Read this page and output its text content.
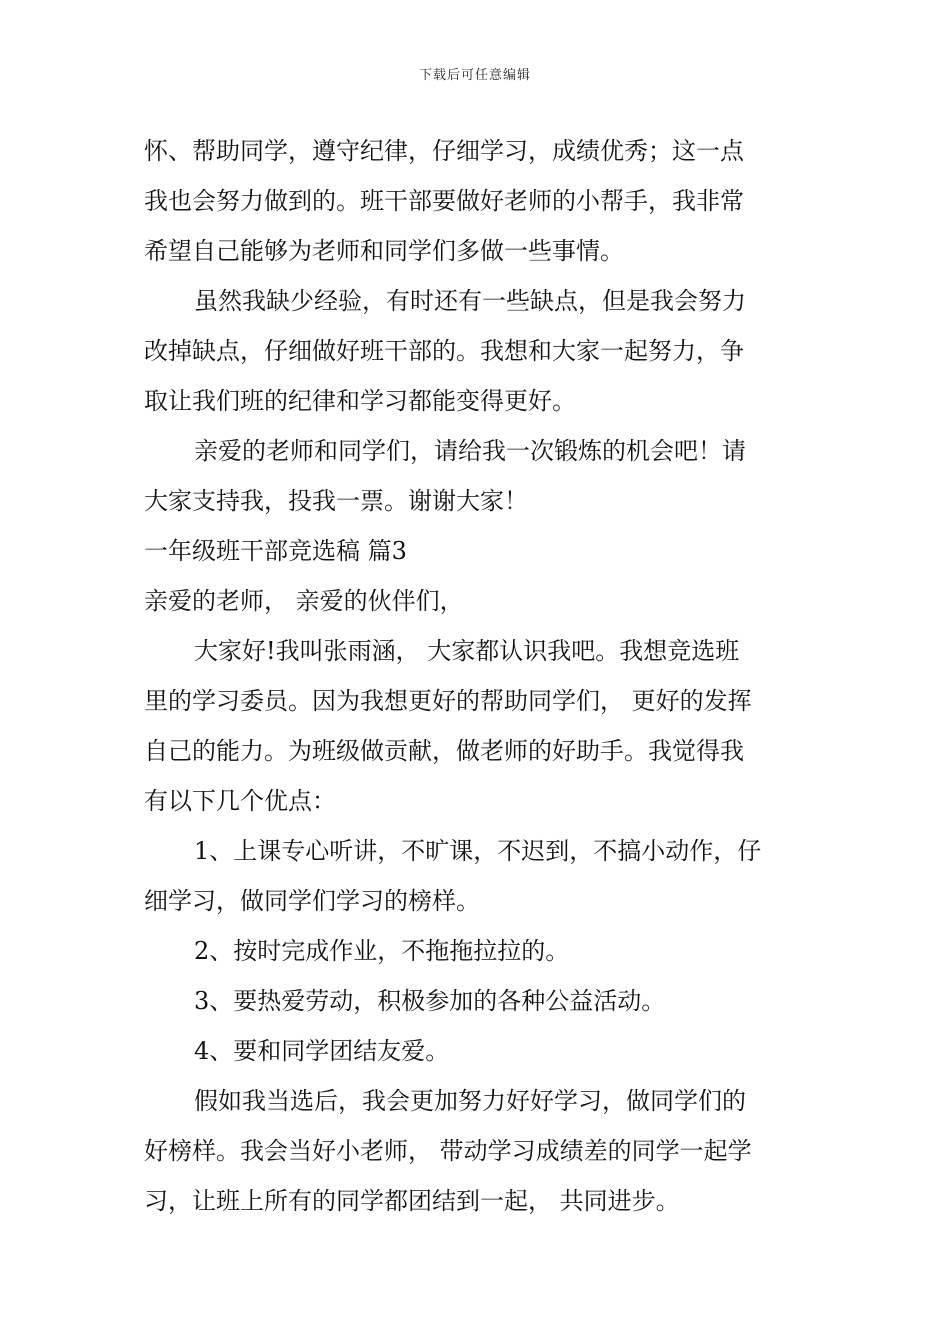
下载后可任意编辑

怀、帮助同学，遵守纪律，仔细学习，成绩优秀；这一点

我也会努力做到的。班干部要做好老师的小帮手，我非常

希望自己能够为老师和同学们多做一些事情。

虽然我缺少经验，有时还有一些缺点，但是我会努力

改掉缺点，仔细做好班干部的。我想和大家一起努力，争

取让我们班的纪律和学习都能变得更好。

亲爱的老师和同学们，请给我一次锻炼的机会吧！请

大家支持我，投我一票。谢谢大家！

一年级班干部竞选稿 篇3

亲爱的老师， 亲爱的伙伴们，

大家好!我叫张雨涵， 大家都认识我吧。我想竞选班

里的学习委员。因为我想更好的帮助同学们， 更好的发挥

自己的能力。为班级做贡献，做老师的好助手。我觉得我

有以下几个优点：

1、上课专心听讲，不旷课，不迟到，不搞小动作，仔

细学习，做同学们学习的榜样。

2、按时完成作业，不拖拖拉拉的。

3、要热爱劳动，积极参加的各种公益活动。

4、要和同学团结友爱。

假如我当选后，我会更加努力好好学习，做同学们的

好榜样。我会当好小老师， 带动学习成绩差的同学一起学

习，让班上所有的同学都团结到一起， 共同进步。
